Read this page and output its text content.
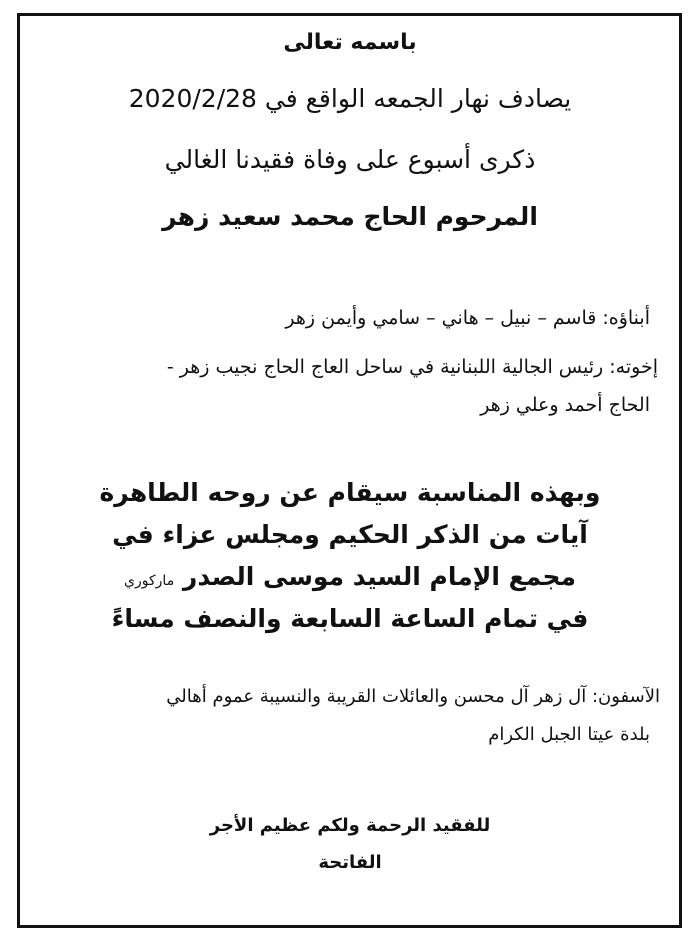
باسمه تعالى
يصادف نهار الجمعه الواقع في 2020/2/28
ذكرى أسبوع على وفاة فقيدنا الغالي
المرحوم الحاج محمد سعيد زهر
أبناؤه: قاسم – نبيل – هاني – سامي وأيمن زهر
إخوته: رئيس الجالية اللبنانية في ساحل العاج الحاج نجيب زهر -
الحاج أحمد وعلي زهر
وبهذه المناسبة سيقام عن روحه الطاهرة
آيات من الذكر الحكيم ومجلس عزاء في
مجمع الإمام السيد موسى الصدر ماركوري
في تمام الساعة السابعة والنصف مساءً
الآسفون: آل زهر آل محسن والعائلات القريبة والنسيبة عموم أهالي
بلدة عيتا الجبل الكرام
للفقيد الرحمة ولكم عظيم الأجر
الفاتحة
